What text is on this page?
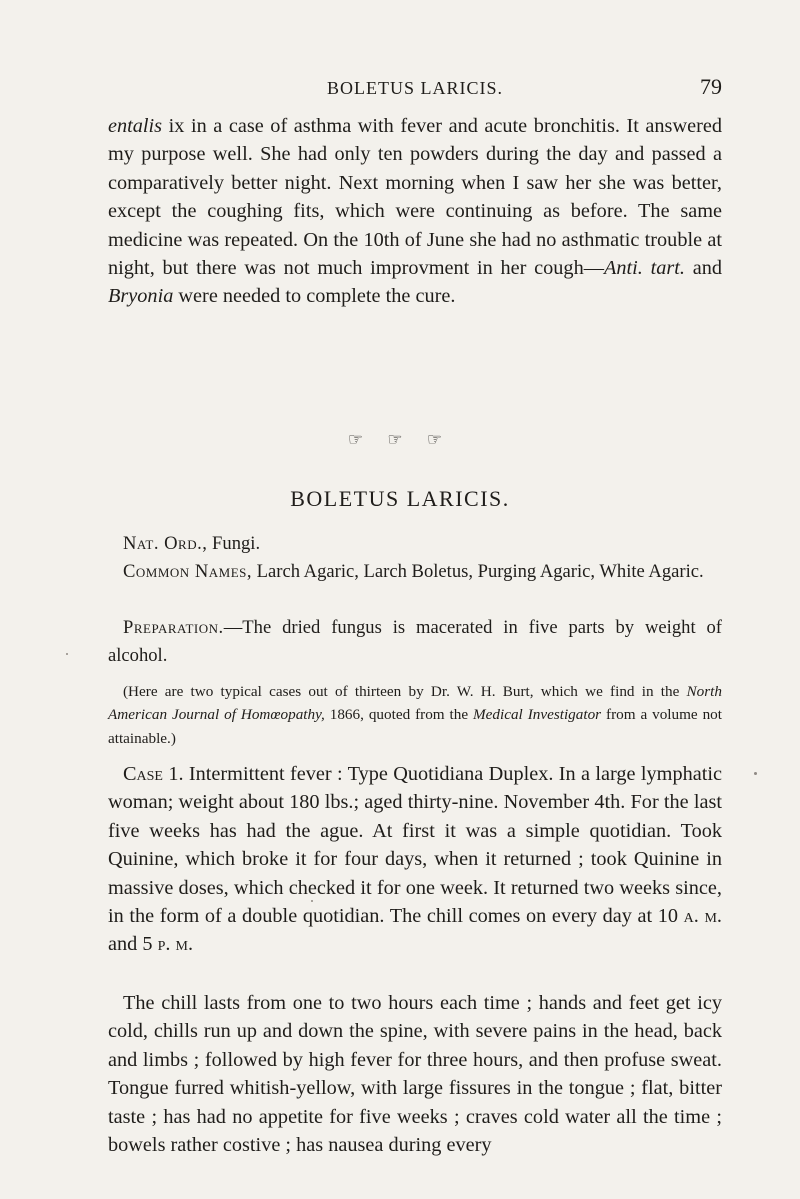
BOLETUS LARICIS.	79

entalis ix in a case of asthma with fever and acute bronchitis. It answered my purpose well. She had only ten powders during the day and passed a comparatively better night. Next morning when I saw her she was better, except the coughing fits, which were continuing as before. The same medicine was repeated. On the 10th of June she had no asthmatic trouble at night, but there was not much improvment in her cough—Anti. tart. and Bryonia were needed to complete the cure.

☞ ☞ ☞
BOLETUS LARICIS.

Nat. Ord., Fungi.

Common Names, Larch Agaric, Larch Boletus, Purging Agaric, White Agaric.

Preparation.—The dried fungus is macerated in five parts by weight of alcohol.

(Here are two typical cases out of thirteen by Dr. W. H. Burt, which we find in the North American Journal of Homœopathy, 1866, quoted from the Medical Investigator from a volume not attainable.)

Case 1. Intermittent fever : Type Quotidiana Duplex. In a large lymphatic woman; weight about 180 lbs.; aged thirty-nine. November 4th. For the last five weeks has had the ague. At first it was a simple quotidian. Took Quinine, which broke it for four days, when it returned ; took Quinine in massive doses, which checked it for one week. It returned two weeks since, in the form of a double quotidian. The chill comes on every day at 10 a. m. and 5 p. m.

The chill lasts from one to two hours each time ; hands and feet get icy cold, chills run up and down the spine, with severe pains in the head, back and limbs ; followed by high fever for three hours, and then profuse sweat. Tongue furred whitish-yellow, with large fissures in the tongue ; flat, bitter taste ; has had no appetite for five weeks ; craves cold water all the time ; bowels rather costive ; has nausea during every
